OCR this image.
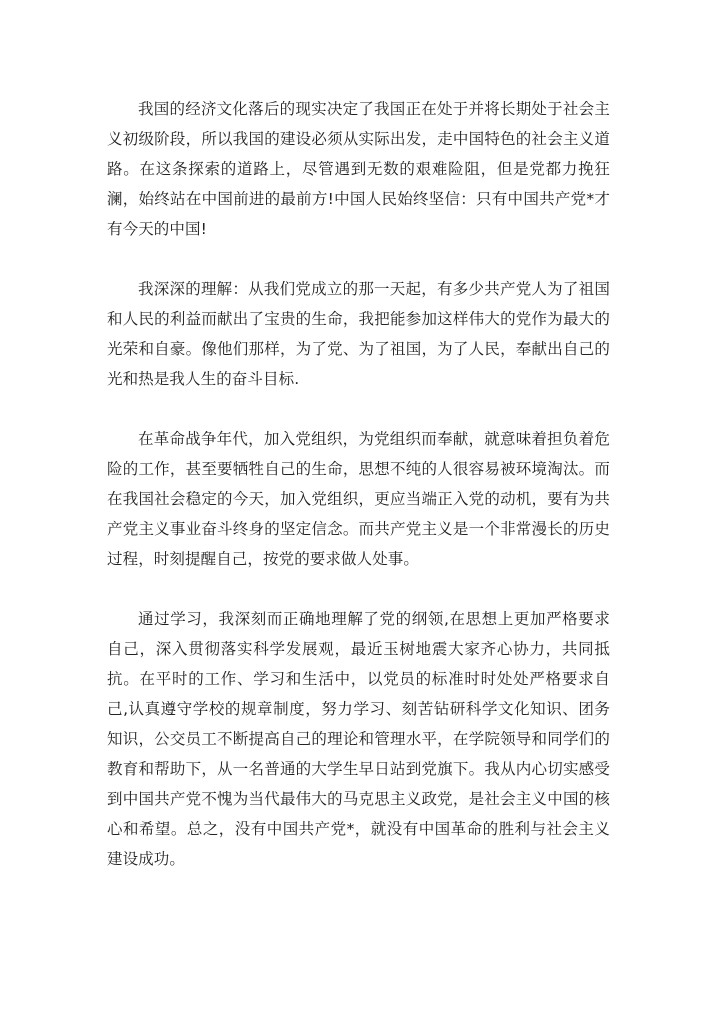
我国的经济文化落后的现实决定了我国正在处于并将长期处于社会主义初级阶段，所以我国的建设必须从实际出发，走中国特色的社会主义道路。在这条探索的道路上，尽管遇到无数的艰难险阻，但是党都力挽狂澜，始终站在中国前进的最前方!中国人民始终坚信：只有中国共产党*才有今天的中国!

我深深的理解：从我们党成立的那一天起，有多少共产党人为了祖国和人民的利益而献出了宝贵的生命，我把能参加这样伟大的党作为最大的光荣和自豪。像他们那样，为了党、为了祖国，为了人民，奉献出自己的光和热是我人生的奋斗目标.

在革命战争年代，加入党组织，为党组织而奉献，就意味着担负着危险的工作，甚至要牺牲自己的生命，思想不纯的人很容易被环境淘汰。而在我国社会稳定的今天，加入党组织，更应当端正入党的动机，要有为共产党主义事业奋斗终身的坚定信念。而共产党主义是一个非常漫长的历史过程，时刻提醒自己，按党的要求做人处事。

通过学习，我深刻而正确地理解了党的纲领,在思想上更加严格要求自己，深入贯彻落实科学发展观，最近玉树地震大家齐心协力，共同抵抗。在平时的工作、学习和生活中，以党员的标准时时处处严格要求自己,认真遵守学校的规章制度，努力学习、刻苦钻研科学文化知识、团务知识，公交员工不断提高自己的理论和管理水平，在学院领导和同学们的教育和帮助下，从一名普通的大学生早日站到党旗下。我从内心切实感受到中国共产党不愧为当代最伟大的马克思主义政党，是社会主义中国的核心和希望。总之，没有中国共产党*，就没有中国革命的胜利与社会主义建设成功。
